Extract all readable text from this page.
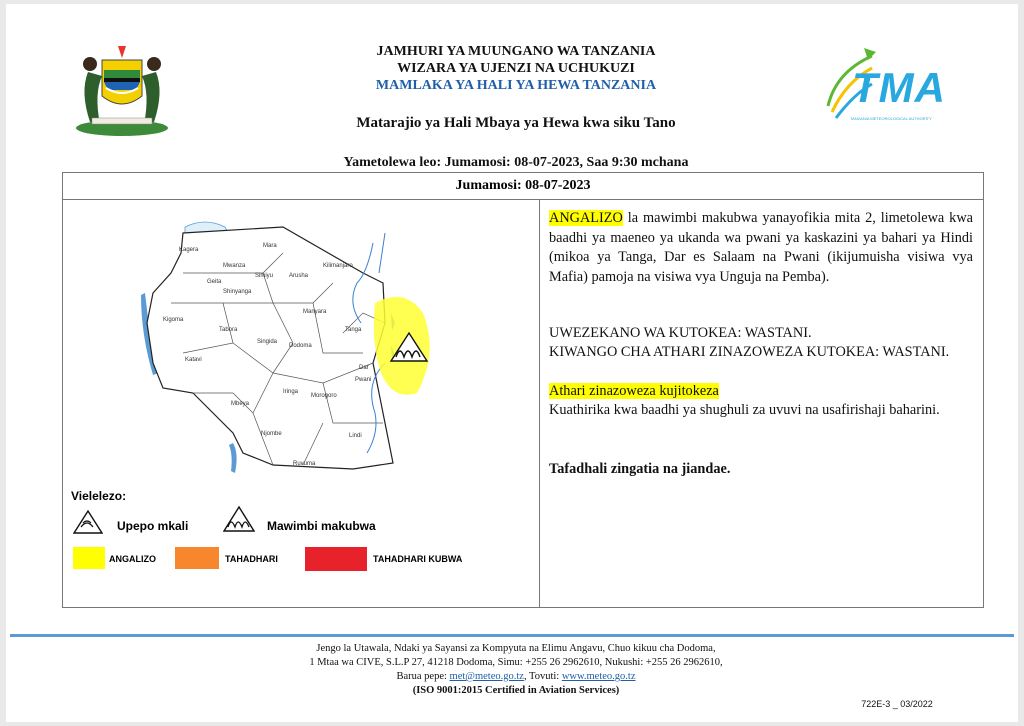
JAMHURI YA MUUNGANO WA TANZANIA
WIZARA YA UJENZI NA UCHUKUZI
MAMLAKA YA HALI YA HEWA TANZANIA
Matarajio ya Hali Mbaya ya Hewa kwa siku Tano
Yametolewa leo: Jumamosi: 08-07-2023, Saa 9:30 mchana
TMA
TANZANIA METEOROLOGICAL AUTHORITY
Jumamosi: 08-07-2023
Kagera
Mara
Geita
Mwanza
Simiyu
Shinyanga
Arusha
Kilimanjaro
Manyara
Kigoma
Tabora
Singida
Dodoma
Tanga
Katavi
Mbeya
Iringa
Morogoro
Pwani
Dar
Lindi
Njombe
Ruvuma
Vielelezo:
Upepo mkali	Mawimbi makubwa
ANGALIZO	TAHADHARI	TAHADHARI KUBWA
ANGALIZO la mawimbi makubwa yanayofikia mita 2, limetolewa kwa baadhi ya maeneo ya ukanda wa pwani ya kaskazini ya bahari ya Hindi (mikoa ya Tanga, Dar es Salaam na Pwani (ikijumuisha visiwa vya Mafia) pamoja na visiwa vya Unguja na Pemba).
UWEZEKANO WA KUTOKEA: WASTANI.
KIWANGO CHA ATHARI ZINAZOWEZA KUTOKEA: WASTANI.
Athari zinazoweza kujitokeza
Kuathirika kwa baadhi ya shughuli za uvuvi na usafirishaji baharini.
Tafadhali zingatia na jiandae.
Jengo la Utawala, Ndaki ya Sayansi za Kompyuta na Elimu Angavu, Chuo kikuu cha Dodoma,
1 Mtaa wa CIVE, S.L.P 27, 41218 Dodoma, Simu: +255 26 2962610, Nukushi: +255 26 2962610,
Barua pepe: met@meteo.go.tz, Tovuti: www.meteo.go.tz
(ISO 9001:2015 Certified in Aviation Services)
722E-3 _ 03/2022
